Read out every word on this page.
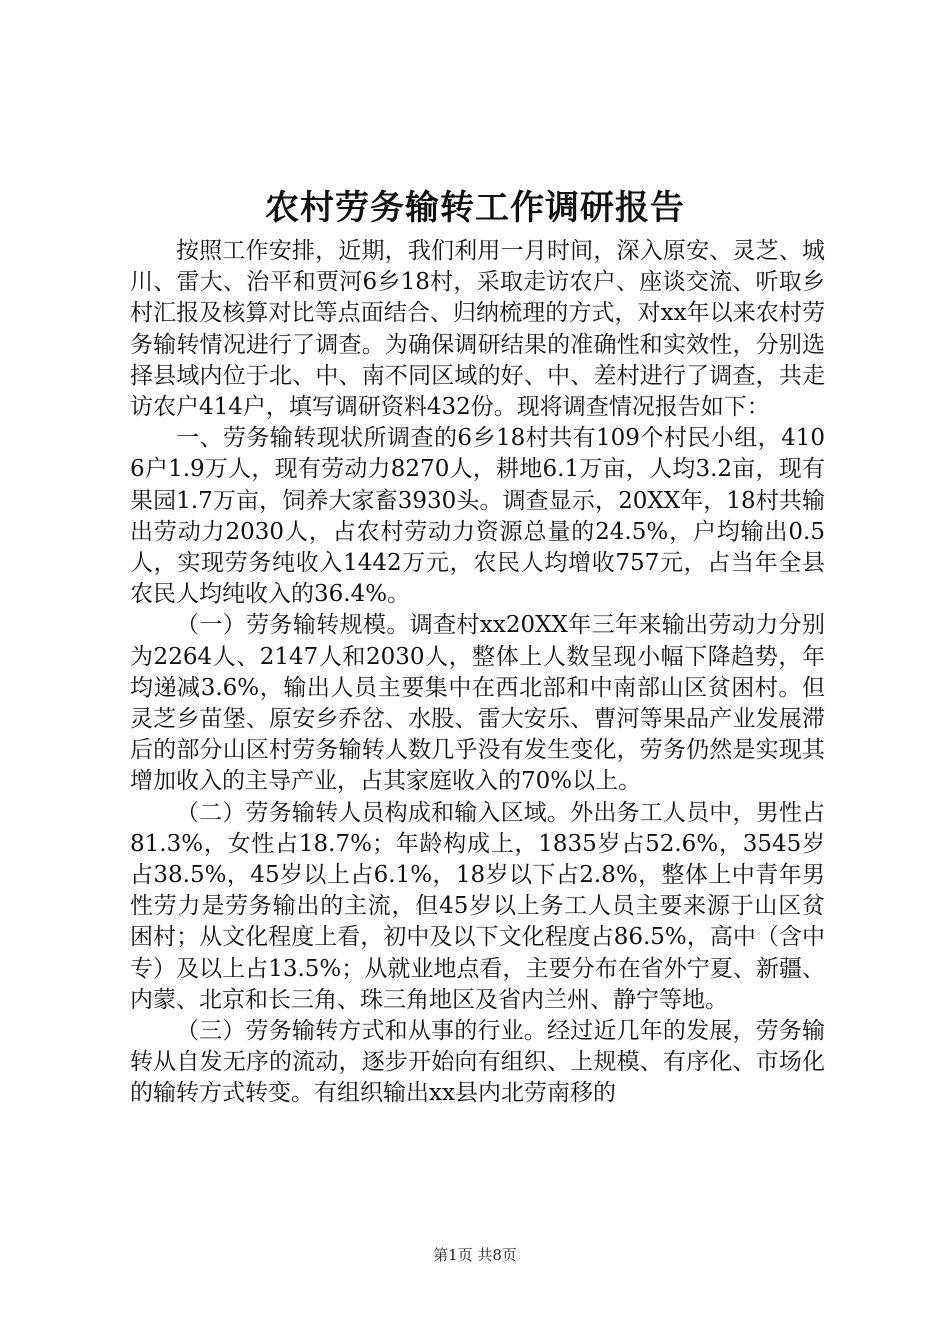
农村劳务输转工作调研报告

按照工作安排，近期，我们利用一月时间，深入原安、灵芝、城川、雷大、治平和贾河6乡18村，采取走访农户、座谈交流、听取乡村汇报及核算对比等点面结合、归纳梳理的方式，对xx年以来农村劳务输转情况进行了调查。为确保调研结果的准确性和实效性，分别选择县域内位于北、中、南不同区域的好、中、差村进行了调查，共走访农户414户，填写调研资料432份。现将调查情况报告如下：

一、劳务输转现状所调查的6乡18村共有109个村民小组，4106户1.9万人，现有劳动力8270人，耕地6.1万亩，人均3.2亩，现有果园1.7万亩，饲养大家畜3930头。调查显示，20XX年，18村共输出劳动力2030人，占农村劳动力资源总量的24.5%，户均输出0.5人，实现劳务纯收入1442万元，农民人均增收757元，占当年全县农民人均纯收入的36.4%。

（一）劳务输转规模。调查村xx20XX年三年来输出劳动力分别为2264人、2147人和2030人，整体上人数呈现小幅下降趋势，年均递减3.6%，输出人员主要集中在西北部和中南部山区贫困村。但灵芝乡苗堡、原安乡乔岔、水股、雷大安乐、曹河等果品产业发展滞后的部分山区村劳务输转人数几乎没有发生变化，劳务仍然是实现其增加收入的主导产业，占其家庭收入的70%以上。

（二）劳务输转人员构成和输入区域。外出务工人员中，男性占81.3%，女性占18.7%；年龄构成上，1835岁占52.6%，3545岁占38.5%，45岁以上占6.1%，18岁以下占2.8%，整体上中青年男性劳力是劳务输出的主流，但45岁以上务工人员主要来源于山区贫困村；从文化程度上看，初中及以下文化程度占86.5%，高中（含中专）及以上占13.5%；从就业地点看，主要分布在省外宁夏、新疆、内蒙、北京和长三角、珠三角地区及省内兰州、静宁等地。

（三）劳务输转方式和从事的行业。经过近几年的发展，劳务输转从自发无序的流动，逐步开始向有组织、上规模、有序化、市场化的输转方式转变。有组织输出xx县内北劳南移的

第1页 共8页
